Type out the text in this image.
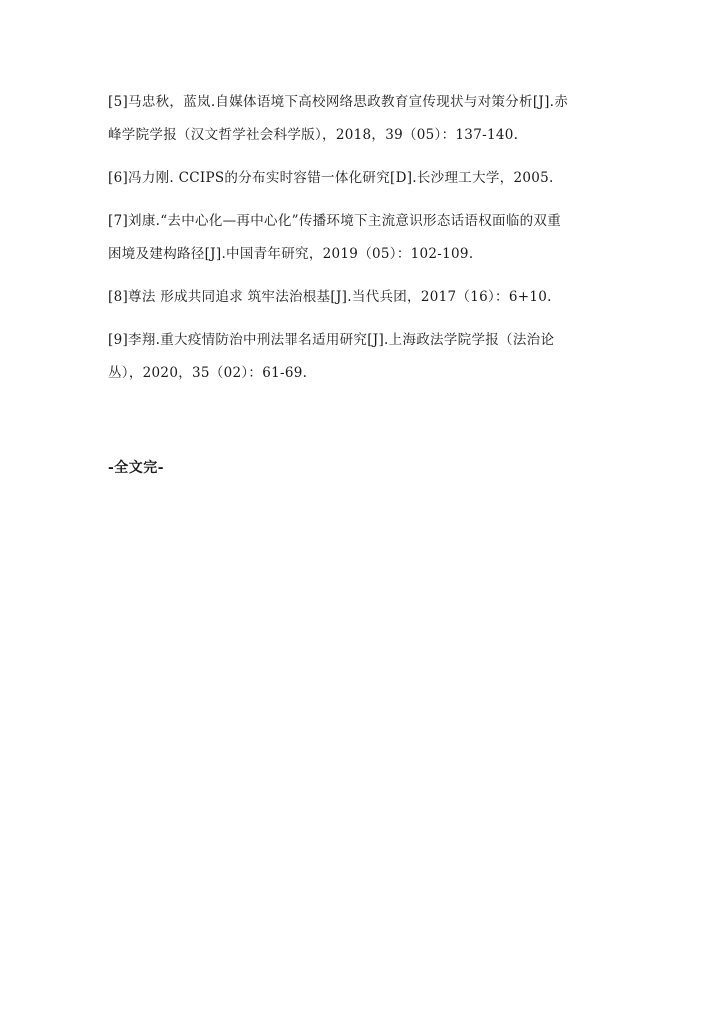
[5]马忠秋，蓝岚.自媒体语境下高校网络思政教育宣传现状与对策分析[J].赤
峰学院学报（汉文哲学社会科学版），2018，39（05）：137-140.
[6]冯力刚. CCIPS的分布实时容错一体化研究[D].长沙理工大学，2005.
[7]刘康.“去中心化—再中心化”传播环境下主流意识形态话语权面临的双重
困境及建构路径[J].中国青年研究，2019（05）：102-109.
[8]尊法 形成共同追求 筑牢法治根基[J].当代兵团，2017（16）：6+10.
[9]李翔.重大疫情防治中刑法罪名适用研究[J].上海政法学院学报（法治论
丛），2020，35（02）：61-69.
-全文完-
